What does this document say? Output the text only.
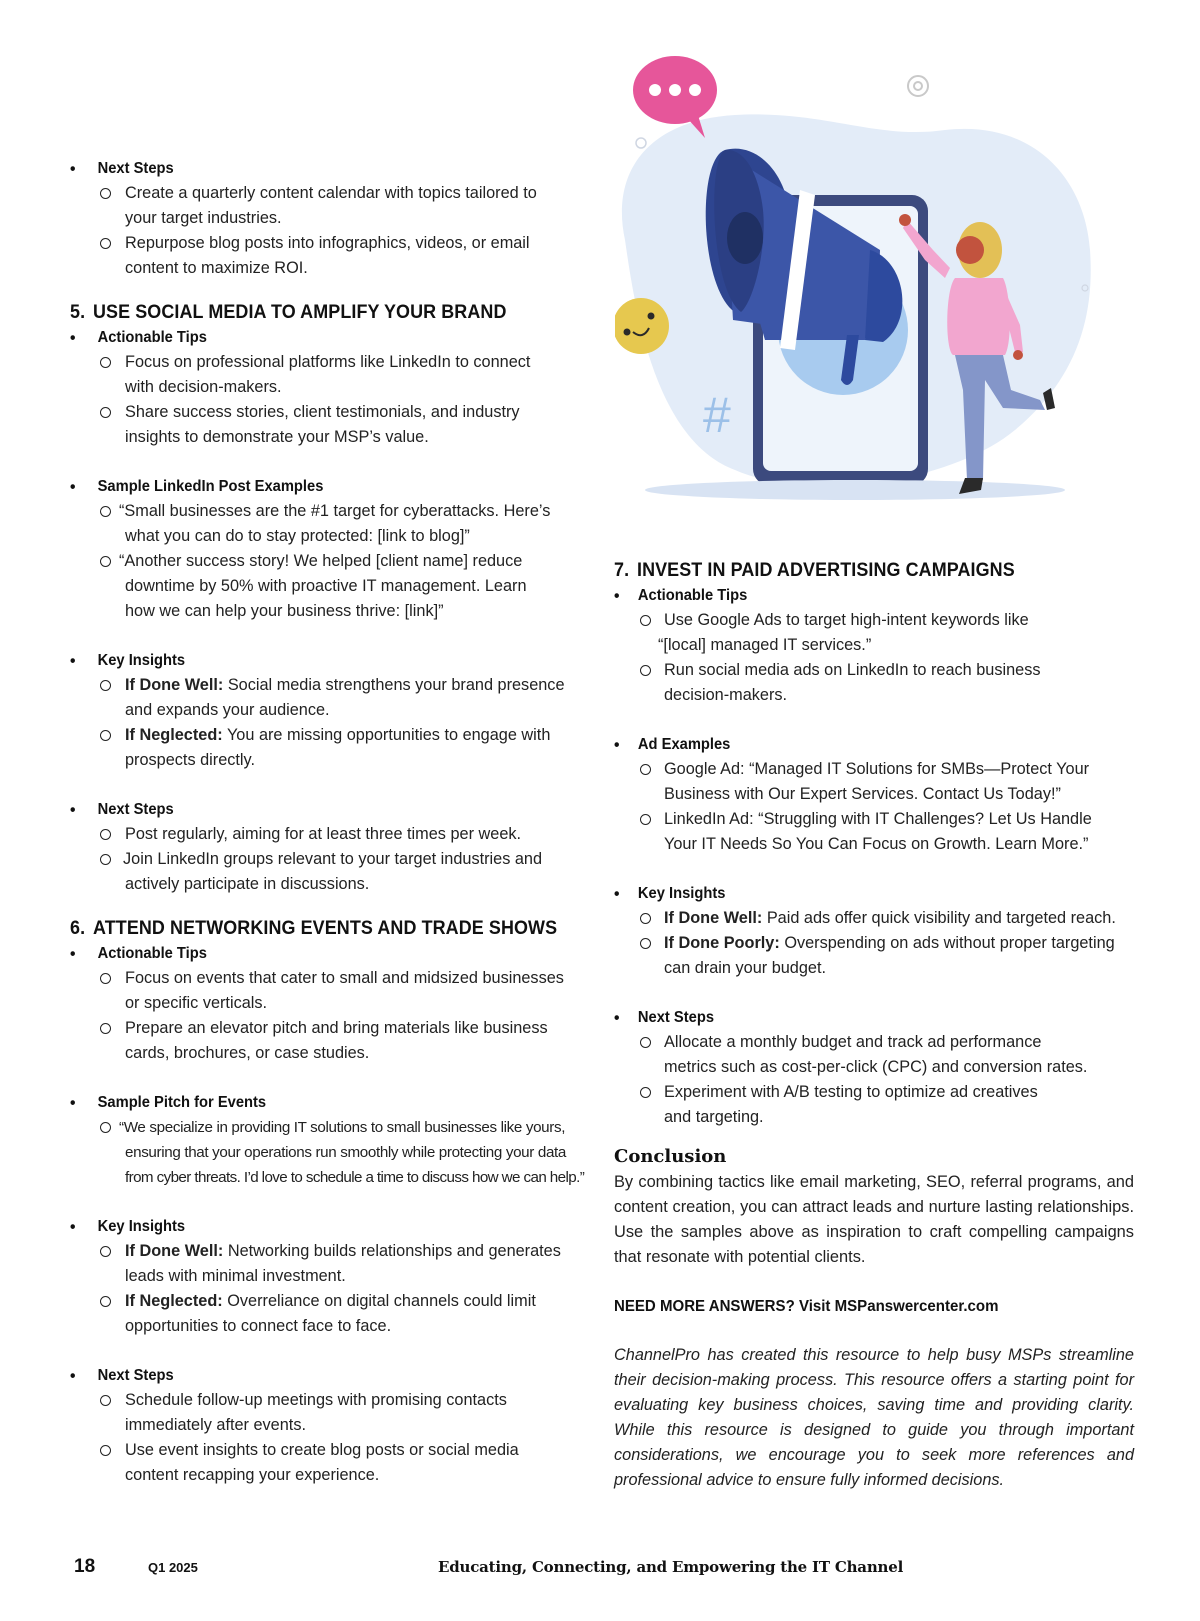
#
• Next Steps
Create a quarterly content calendar with topics tailored to
your target industries.
Repurpose blog posts into infographics, videos, or email
content to maximize ROI.
5. USE SOCIAL MEDIA TO AMPLIFY YOUR BRAND
• Actionable Tips
Focus on professional platforms like LinkedIn to connect
with decision-makers.
Share success stories, client testimonials, and industry
insights to demonstrate your MSP’s value.
• Sample LinkedIn Post Examples
“Small businesses are the #1 target for cyberattacks. Here’s
what you can do to stay protected: [link to blog]”
“Another success story! We helped [client name] reduce
downtime by 50% with proactive IT management. Learn
how we can help your business thrive: [link]”
• Key Insights
If Done Well: Social media strengthens your brand presence
and expands your audience.
If Neglected: You are missing opportunities to engage with
prospects directly.
• Next Steps
Post regularly, aiming for at least three times per week.
Join LinkedIn groups relevant to your target industries and
actively participate in discussions.
6. ATTEND NETWORKING EVENTS AND TRADE SHOWS
• Actionable Tips
Focus on events that cater to small and midsized businesses
or specific verticals.
Prepare an elevator pitch and bring materials like business
cards, brochures, or case studies.
• Sample Pitch for Events
“We specialize in providing IT solutions to small businesses like yours,
ensuring that your operations run smoothly while protecting your data
from cyber threats. I’d love to schedule a time to discuss how we can help.”
• Key Insights
If Done Well: Networking builds relationships and generates
leads with minimal investment.
If Neglected: Overreliance on digital channels could limit
opportunities to connect face to face.
• Next Steps
Schedule follow-up meetings with promising contacts
immediately after events.
Use event insights to create blog posts or social media
content recapping your experience.
7. INVEST IN PAID ADVERTISING CAMPAIGNS
• Actionable Tips
Use Google Ads to target high-intent keywords like
“[local] managed IT services.”
Run social media ads on LinkedIn to reach business
decision-makers.
• Ad Examples
Google Ad: “Managed IT Solutions for SMBs—Protect Your
Business with Our Expert Services. Contact Us Today!”
LinkedIn Ad: “Struggling with IT Challenges? Let Us Handle
Your IT Needs So You Can Focus on Growth. Learn More.”
• Key Insights
If Done Well: Paid ads offer quick visibility and targeted reach.
If Done Poorly: Overspending on ads without proper targeting
can drain your budget.
• Next Steps
Allocate a monthly budget and track ad performance
metrics such as cost-per-click (CPC) and conversion rates.
Experiment with A/B testing to optimize ad creatives
and targeting.
Conclusion
By combining tactics like email marketing, SEO, referral programs, and content creation, you can attract leads and nurture lasting relationships. Use the samples above as inspiration to craft compelling campaigns that resonate with potential clients.
NEED MORE ANSWERS? Visit MSPanswercenter.com
ChannelPro has created this resource to help busy MSPs streamline their decision-making process. This resource offers a starting point for evaluating key business choices, saving time and providing clarity. While this resource is designed to guide you through important considerations, we encourage you to seek more references and professional advice to ensure fully informed decisions.
18	Q1 2025	Educating, Connecting, and Empowering the IT Channel
